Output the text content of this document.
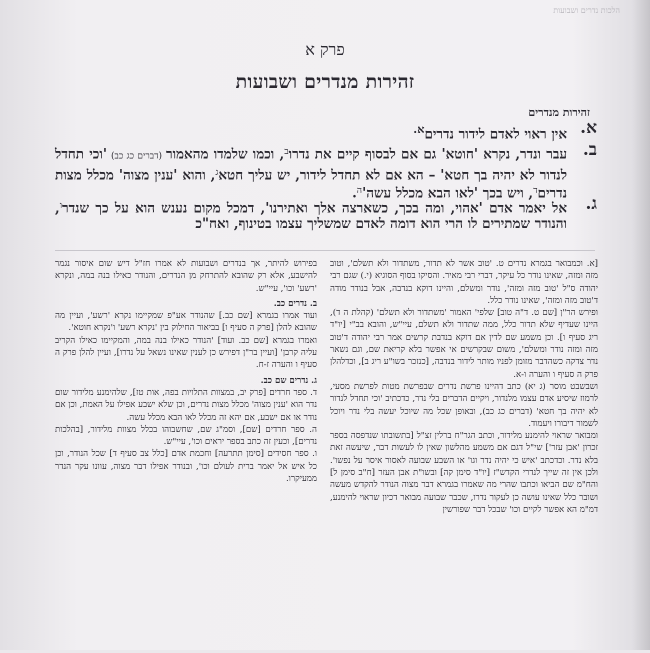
הלכות נדרים ושבועות
פרק א
זהירות מנדרים ושבועות
זהירות מנדרים
א.
אין ראוי לאדם לידור נדרים$^{א.}$
ב.
עבר ונדר, נקרא 'חוטא' גם אם לבסוף קיים את נדרו$^ב$, וכמו שלמדו מהאמור (דברים כג כב) 'וכי תחדל לנדור לא יהיה בך חטא' – הא אם לא תחדל לידור, יש עליך חטא$^ג$, והוא 'ענין מצוה' מכלל מצות נדרים$^ד$, ויש בכך 'לאו הבא מכלל $עשה'^ה$.
ג.
אל יאמר אדם 'אהוי, ומה בכך, כשארצה אלך ואתירנו', דמכל מקום נענש הוא על כך שנדר$^ו$, והנודר שמתירים לו הרי הוא דומה לאדם שמשליך עצמו בטינוף, ואח"כ
[א. וכמבואר בגמרא נדרים ט. 'טוב אשר לא תדור, משתדור ולא תשלם', וטוב מזה ומזה, שאינו נודר כל עיקר, דברי רבי מאיר. והסיקו בסוף הסוגיא (י.) שגם רבי יהודה ס"ל 'טוב מזה ומזה', נודר ומשלם, והיינו דוקא בנדבה, אבל בנודר מודה ד'טוב מזה ומזה', שאינו נודר כלל.
ופירש הר"ן [שם ט. ד"ה טוב] שלפי' האמור 'משתדור ולא תשלם' (קהלת ה ד), היינו שעדיף שלא תדור כלל, ממה שתדור ולא תשלם, עיי"ש, והובא בב"י [יו"ד ריג סעיף ו]. וכן משמע שם לדין אם דוקא בנדבת קרשים אמר רבי יהודה ד'טוב מזה ומזה נודר ומשלם', משום שבקרשים אי אפשר בלא קריאת שם, וגם נשאר נדר צדקה כשהדבר מזומן לפניו מותר לידור בנדבה, [כנזכר בשו"ע ריג ב], וכדלהלן פרק ה סעיף ו והערה ו-א.
ושבשבט מוסר (ג יא) כתב דהיינו פרשת נדרים שבפרשת מטות לפרשת מסעי, לרמוז שיסיע אדם עצמו מלנדור, ויקיים הדברים בלי נדר, כדכתיב 'וכי תחדל לנדור לא יהיה בך חטא' (דברים כג כב), ובאופן שכל מה שיוכל יעשה בלי נדר ויוכל לשמור דיבורו ויעמוד.
ומבואר שראוי להימנע מלידור, וכתב הגר"ח ברלין זצ"ל [בתשובתו שנדפסה בספר זכרון 'אבן עזר'] שי"ל דגם אם משמע מהלשון שאין לו לעשות דבר, שיעשה זאת בלא נדר. וכדכתב 'איש כי יהיה נדר וגו' או השבע שבועה לאסור איסר על נפשו'. ולכן אין זה שייך לנדרי הקדש"ז [יו"ד סימן קה] ובשו"ת אבן העזר [ח"ב סימן ל] והח"מ שם הביאו וכתבו שהרי מה שאמרו בגמרא דבר מצוה הנודר להקדש מעשה ושובר כלל שאינו עושה כן לעקור נדרו, שכבר שבועה מבואר דכיון שראוי להימנע, דמ"מ הא אפשר לקיים וכו' שבכל דבר שפורשין
בפירוש להיתר, אך בנדרים ושבועות לא אמרו חז"ל דיש שום איסור נגמר להישבע, אלא רק שהובא להתרחק מן הנדרים, והנודר כאילו בנה במה, ונקרא 'רשע' וכו', עיי"ש.
ב. נדרים כב.
ועוד אמרו בגמרא [שם כב.] שהנודר אע"פ שמקיימו נקרא 'רשע', ועיין מה שהובא להלן [פרק ה סעיף ו] בביאור החילוק בין 'נקרא רשע' ו'נקרא חוטא'.
ואמרו בגמרא [שם כב. ועוד] 'הנודר כאילו בנה במה, והמקיימו כאילו הקריב עליה קרבן' [ועיין בר"ן דפירש כן לענין שאינו נשאל על נדרו], ועיין להלן פרק ה סעיף ו והערה ז-ח.
ג. נדרים שם כב.
ד. ספר חרדים [פרק יב, במצוות התלויות בפה, אות טז], שלהימנע מלידור שום נדר הוא 'ענין מצוה' מכלל מצות נדרים, וכן שלא ישבע אפילו על האמת, וכן אם נודר או אם ישבע, אם יהא זה מכלל לאו הבא מכלל עשה.
ה. ספר חרדים [שם], וסמ"ג שם, שחשבוהו בכלל מצוות מלידור, [בהלכות נדרים], וכעין זה כתב בספר יראים וכו', עיי"ש.
ו. ספר חסידים [סימן תתרעה] וחכמת אדם [כלל צב סעיף ד] שכל הנודר, וכן כל איש אל יאמר ברית לעולם וכו', ובנודר אפילו דבר מצוה, עוונו עקר הנדר ממעיקרו.
